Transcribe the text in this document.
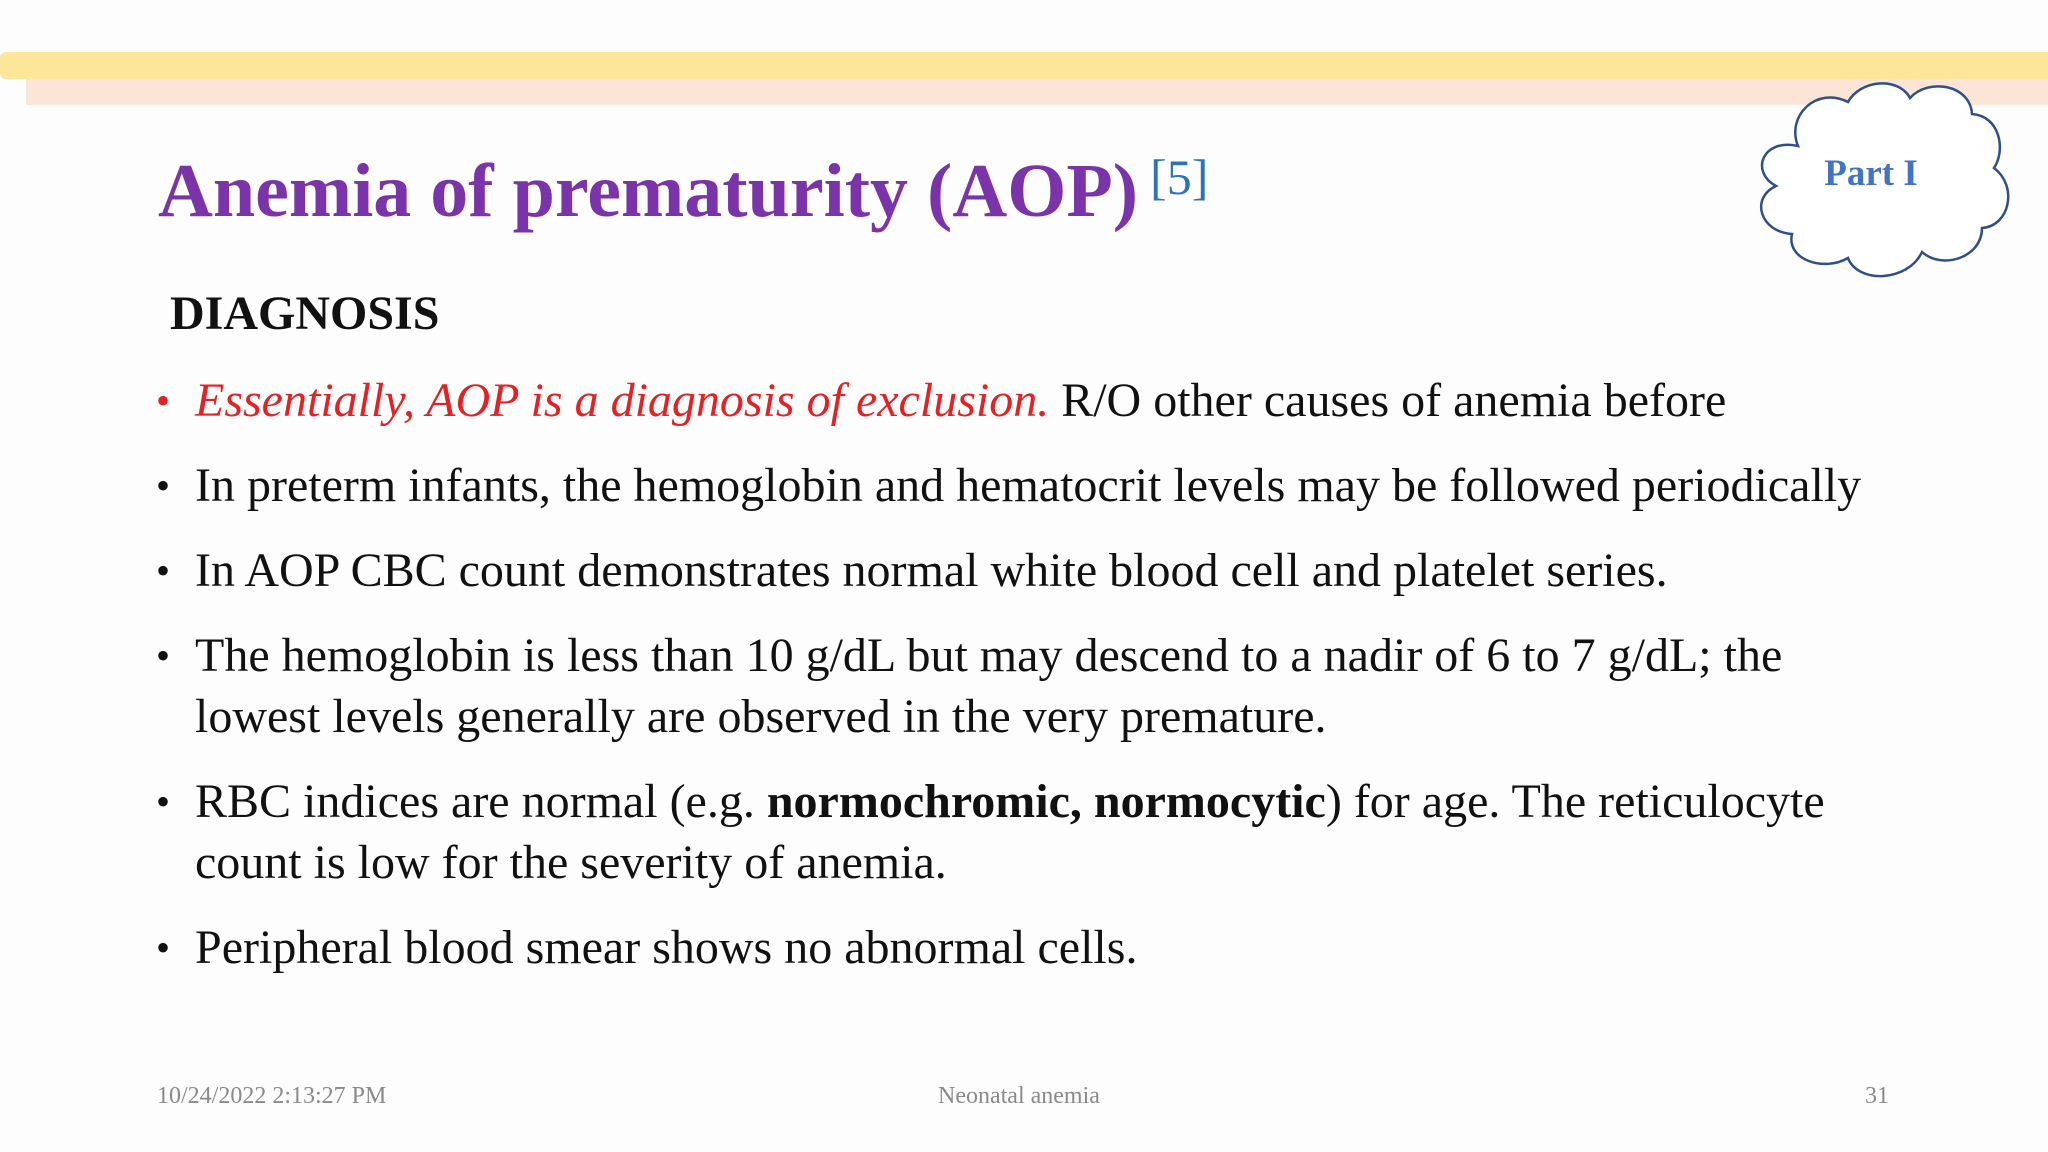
Anemia of prematurity (AOP) [5]	Part I
DIAGNOSIS
• Essentially, AOP is a diagnosis of exclusion. R/O other causes of anemia before
• In preterm infants, the hemoglobin and hematocrit levels may be followed periodically
• In AOP CBC count demonstrates normal white blood cell and platelet series.
• The hemoglobin is less than 10 g/dL but may descend to a nadir of 6 to 7 g/dL; the lowest levels generally are observed in the very premature.
• RBC indices are normal (e.g. normochromic, normocytic) for age. The reticulocyte count is low for the severity of anemia.
• Peripheral blood smear shows no abnormal cells.
10/24/2022 2:13:27 PM	Neonatal anemia	31
